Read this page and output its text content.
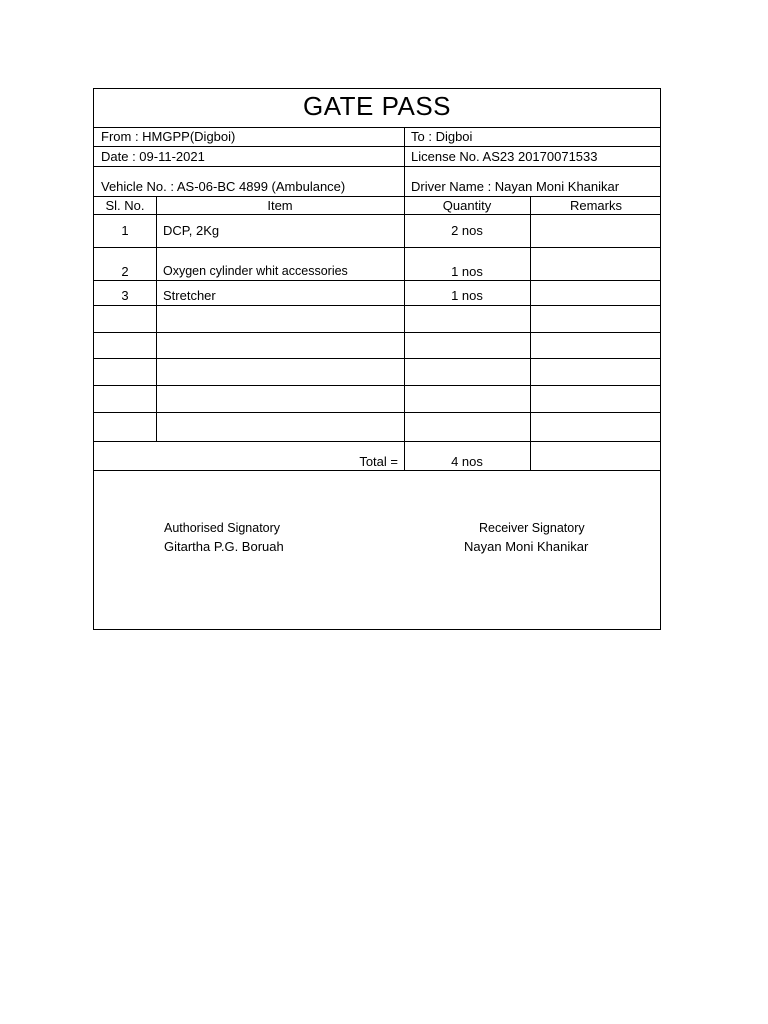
GATE PASS
From : HMGPP(Digboi)	To : Digboi
Date : 09-11-2021	License No. AS23 20170071533
Vehicle No. : AS-06-BC 4899 (Ambulance)	Driver Name : Nayan Moni Khanikar
Sl. No.	Item	Quantity	Remarks
1	DCP, 2Kg	2 nos
2	Oxygen cylinder whit accessories	1 nos
3	Stretcher	1 nos
Total =	4 nos
Authorised Signatory
Gitartha P.G. Boruah
Receiver Signatory
Nayan Moni Khanikar
